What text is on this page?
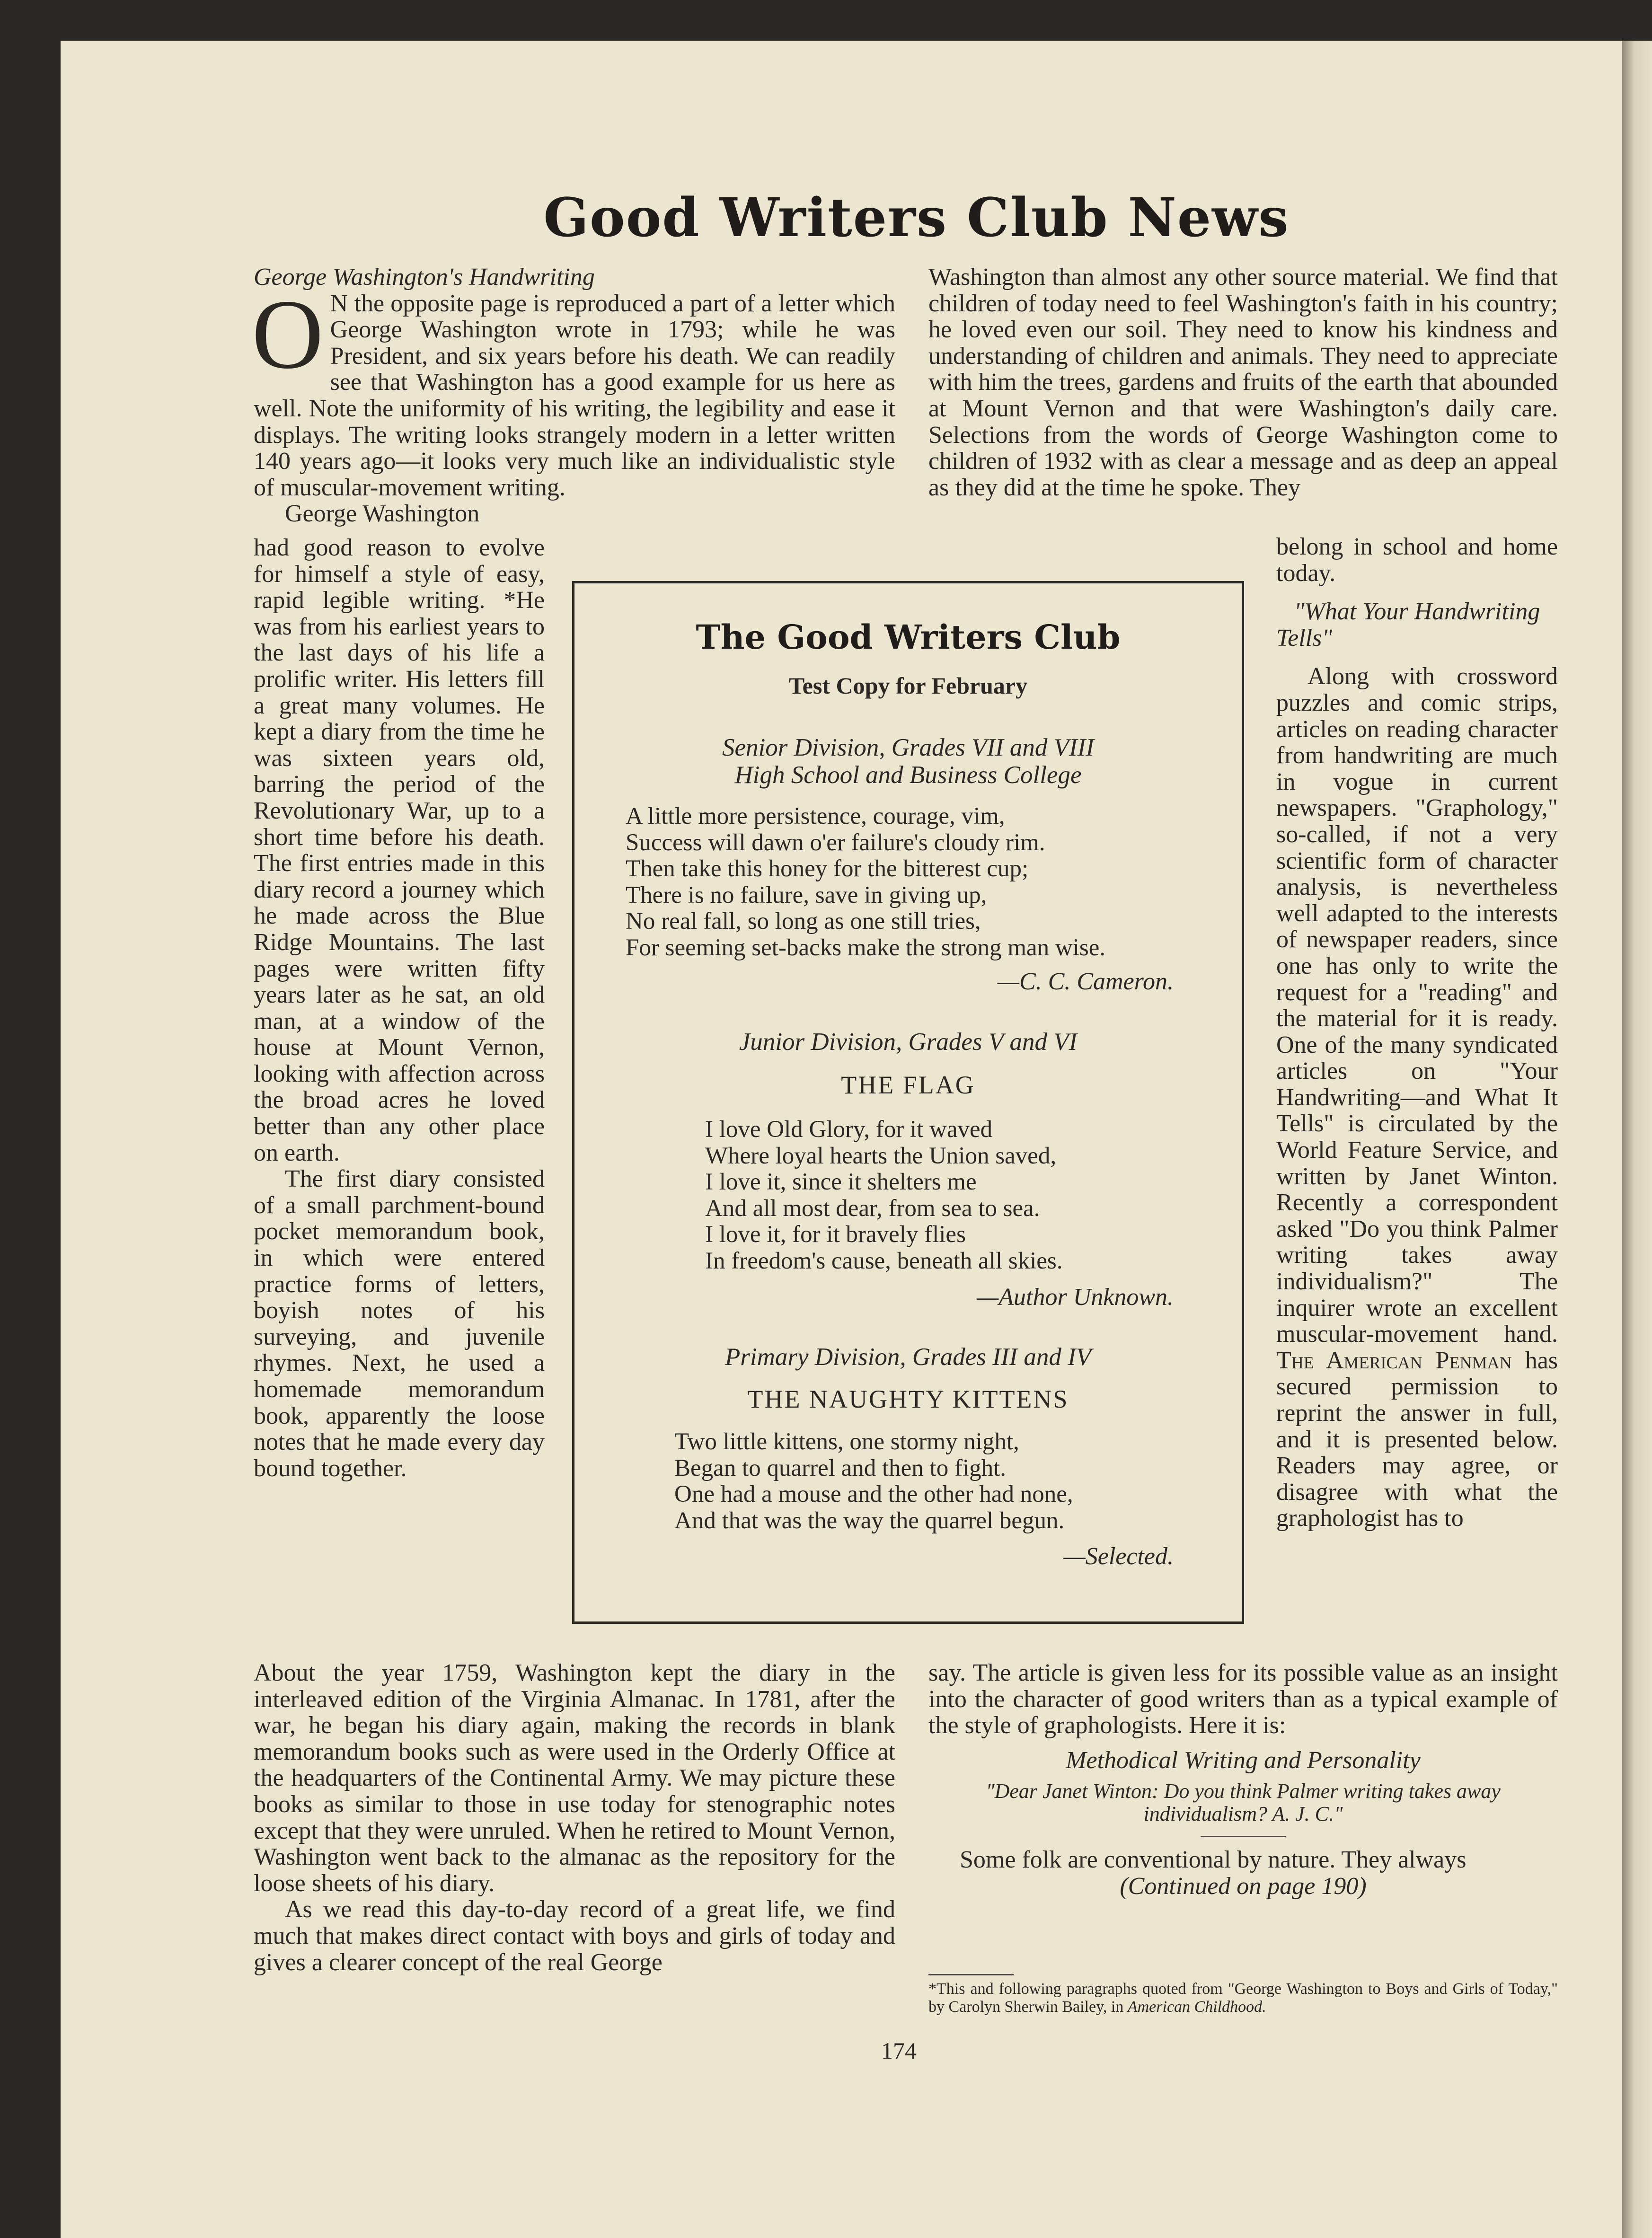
Good Writers Club News

George Washington's Handwriting

O N the opposite page is reproduced a part of a letter which George Washington wrote in 1793; while he was President, and six years before his death. We can readily see that Washington has a good example for us here as well. Note the uniformity of his writing, the legibility and ease it displays. The writing looks strangely modern in a letter written 140 years ago—it looks very much like an individualistic style of muscular-movement writing.

George Washington

had good reason to evolve for himself a style of easy, rapid legible writing. *He was from his earliest years to the last days of his life a prolific writer. His letters fill a great many volumes. He kept a diary from the time he was sixteen years old, barring the period of the Revolutionary War, up to a short time before his death. The first entries made in this diary record a journey which he made across the Blue Ridge Mountains. The last pages were written fifty years later as he sat, an old man, at a window of the house at Mount Vernon, looking with affection across the broad acres he loved better than any other place on earth.

The first diary consisted of a small parchment-bound pocket memorandum book, in which were entered practice forms of letters, boyish notes of his surveying, and juvenile rhymes. Next, he used a homemade memorandum book, apparently the loose notes that he made every day bound together.

About the year 1759, Washington kept the diary in the interleaved edition of the Virginia Almanac. In 1781, after the war, he began his diary again, making the records in blank memorandum books such as were used in the Orderly Office at the headquarters of the Continental Army. We may picture these books as similar to those in use today for stenographic notes except that they were unruled. When he retired to Mount Vernon, Washington went back to the almanac as the repository for the loose sheets of his diary.

As we read this day-to-day record of a great life, we find much that makes direct contact with boys and girls of today and gives a clearer concept of the real George

Washington than almost any other source material. We find that children of today need to feel Washington's faith in his country; he loved even our soil. They need to know his kindness and understanding of children and animals. They need to appreciate with him the trees, gardens and fruits of the earth that abounded at Mount Vernon and that were Washington's daily care. Selections from the words of George Washington come to children of 1932 with as clear a message and as deep an appeal as they did at the time he spoke. They

belong in school and home today.

"What Your Handwriting Tells"

Along with crossword puzzles and comic strips, articles on reading character from handwriting are much in vogue in current newspapers. "Graphology," so-called, if not a very scientific form of character analysis, is nevertheless well adapted to the interests of newspaper readers, since one has only to write the request for a "reading" and the material for it is ready. One of the many syndicated articles on "Your Handwriting—and What It Tells" is circulated by the World Feature Service, and written by Janet Winton. Recently a correspondent asked "Do you think Palmer writing takes away individualism?" The inquirer wrote an excellent muscular-movement hand. The American Penman has secured permission to reprint the answer in full, and it is presented below. Readers may agree, or disagree with what the graphologist has to

say. The article is given less for its possible value as an insight into the character of good writers than as a typical example of the style of graphologists. Here it is:

Methodical Writing and Personality

"Dear Janet Winton: Do you think Palmer writing takes away individualism? A. J. C."

Some folk are conventional by nature. They always

(Continued on page 190)

*This and following paragraphs quoted from "George Washington to Boys and Girls of Today," by Carolyn Sherwin Bailey, in American Childhood.

The Good Writers Club
Test Copy for February
Senior Division, Grades VII and VIII
High School and Business College
A little more persistence, courage, vim,
Success will dawn o'er failure's cloudy rim.
Then take this honey for the bitterest cup;
There is no failure, save in giving up,
No real fall, so long as one still tries,
For seeming set-backs make the strong man wise.
—C. C. Cameron.
Junior Division, Grades V and VI
THE FLAG
I love Old Glory, for it waved
Where loyal hearts the Union saved,
I love it, since it shelters me
And all most dear, from sea to sea.
I love it, for it bravely flies
In freedom's cause, beneath all skies.
—Author Unknown.
Primary Division, Grades III and IV
THE NAUGHTY KITTENS
Two little kittens, one stormy night,
Began to quarrel and then to fight.
One had a mouse and the other had none,
And that was the way the quarrel begun.
—Selected.
174
